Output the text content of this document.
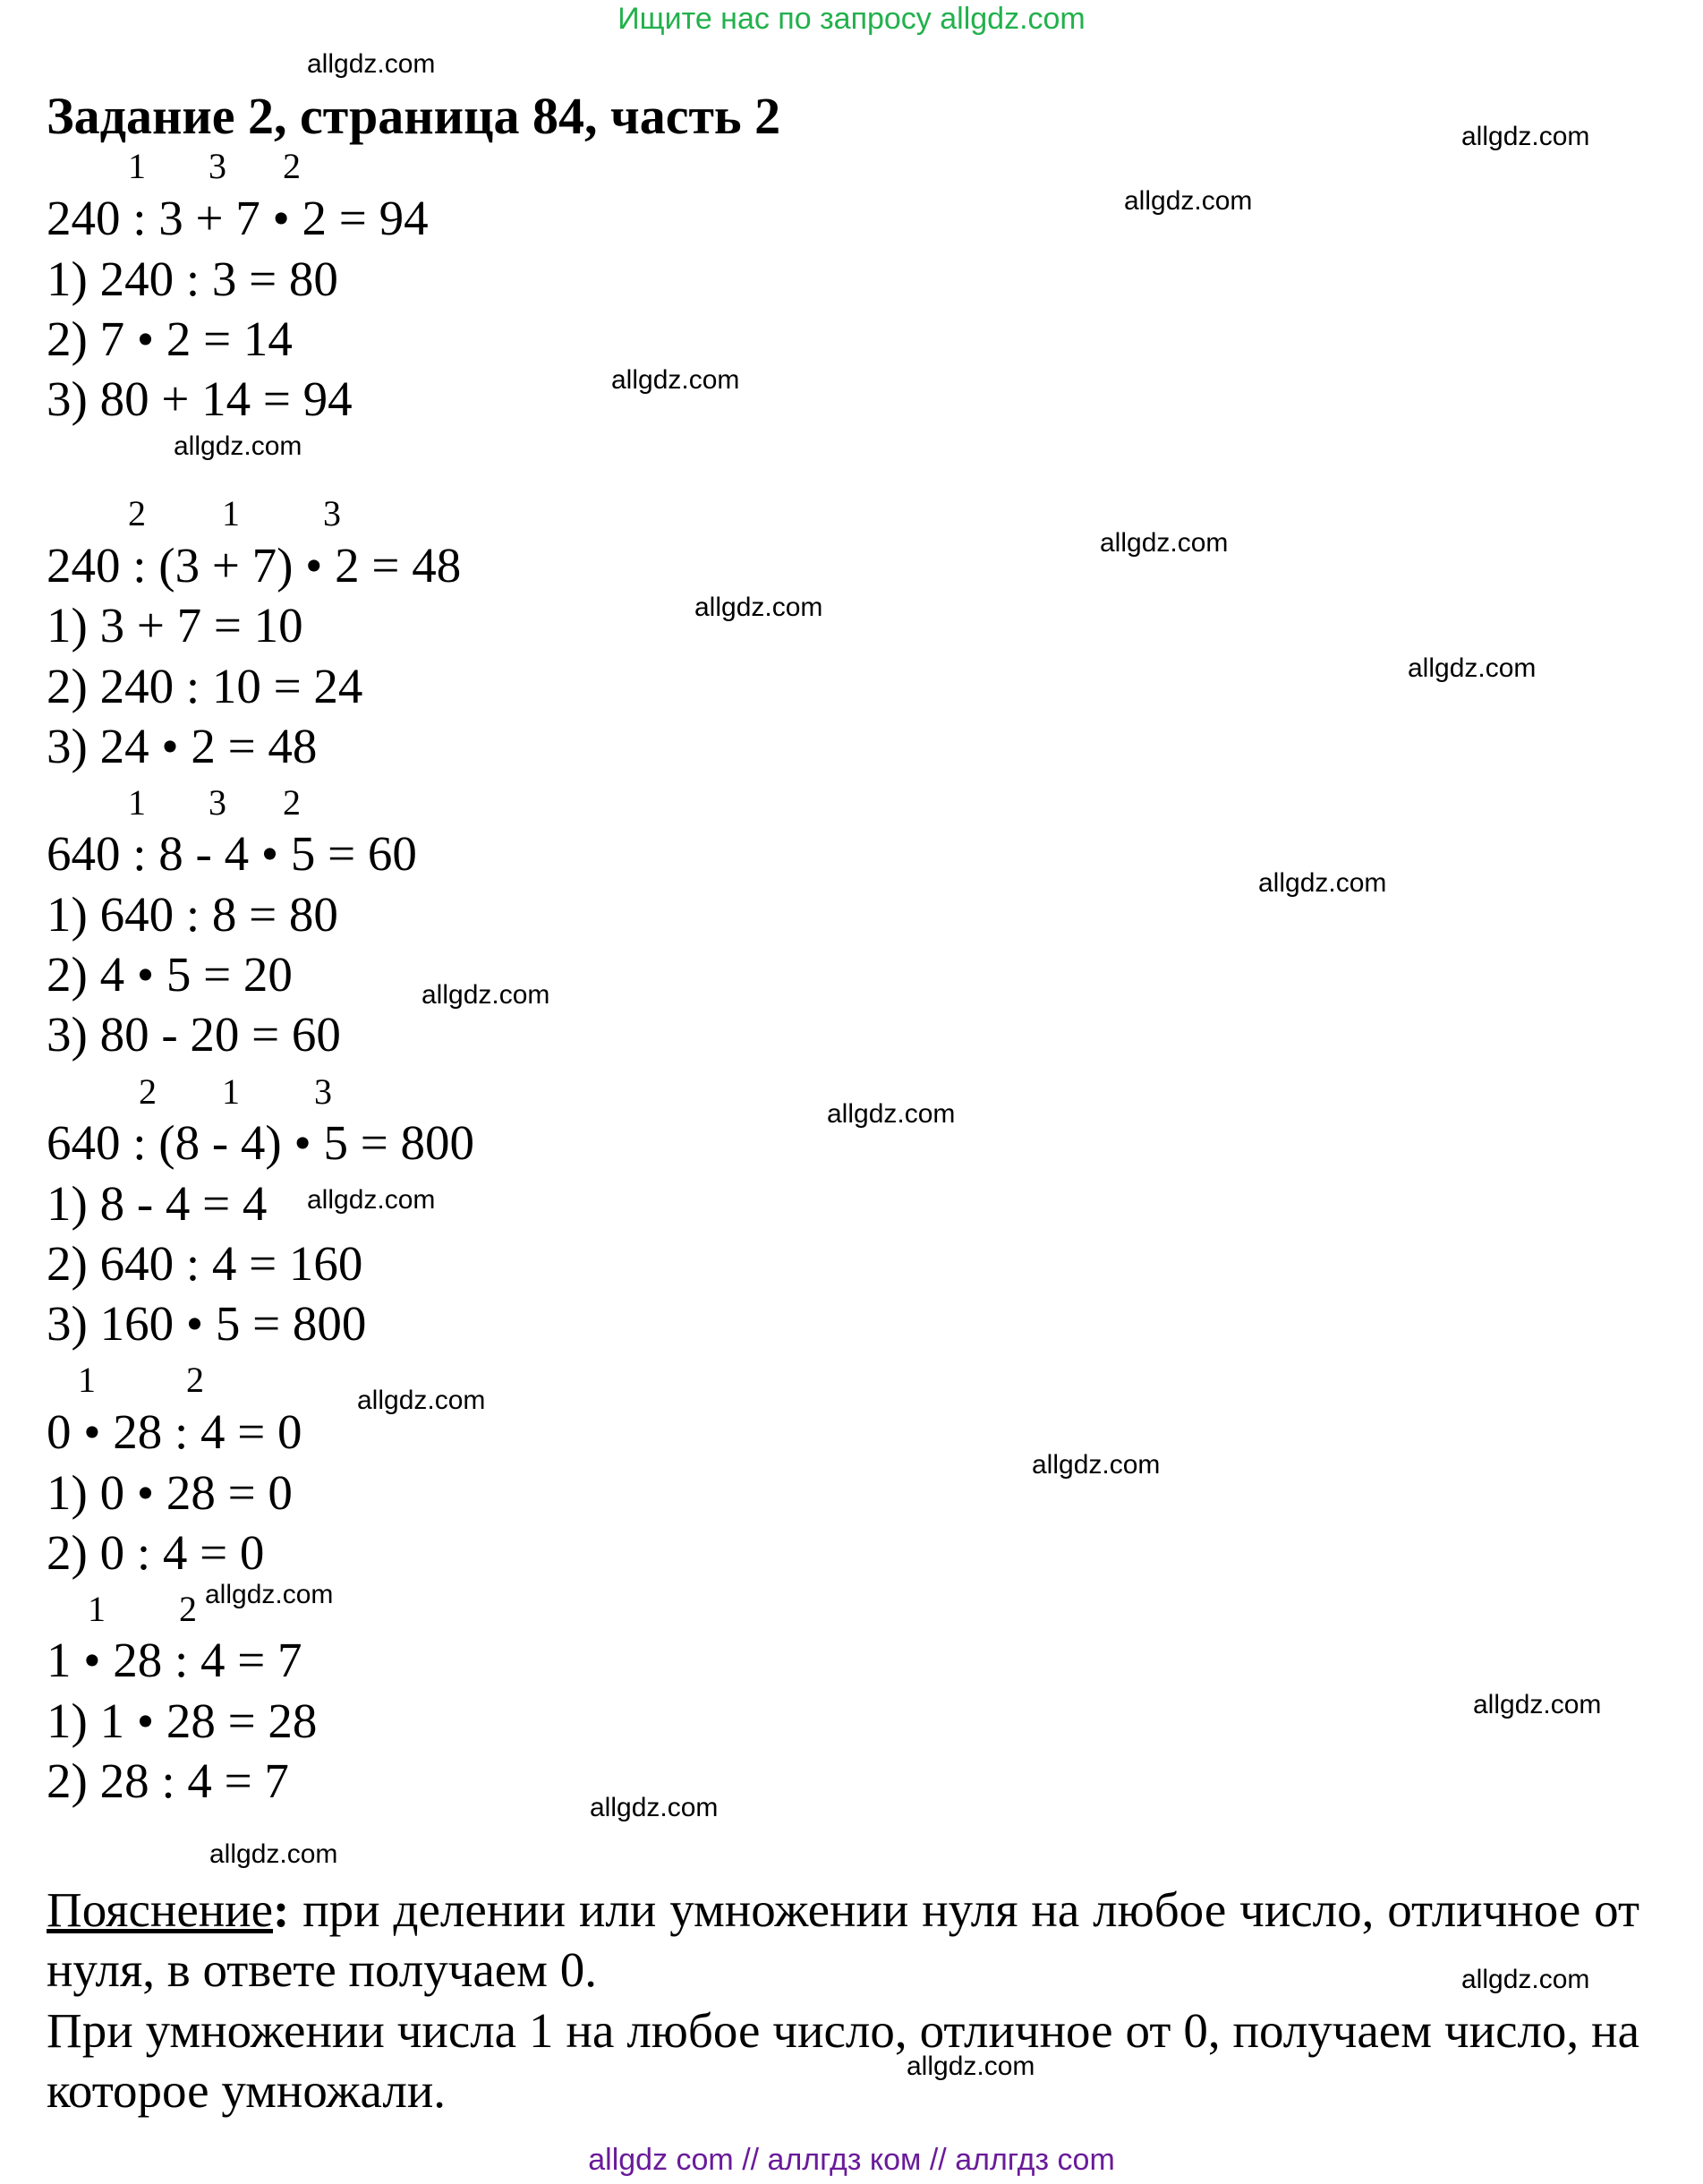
Ищите нас по запросу allgdz.com
Задание 2, страница 84, часть 2
1 3 2
240 : 3 + 7 • 2 = 94
1) 240 : 3 = 80
2) 7 • 2 = 14
3) 80 + 14 = 94
2 1 3
240 : (3 + 7) • 2 = 48
1) 3 + 7 = 10
2) 240 : 10 = 24
3) 24 • 2 = 48
1 3 2
640 : 8 - 4 • 5 = 60
1) 640 : 8 = 80
2) 4 • 5 = 20
3) 80 - 20 = 60
2 1 3
640 : (8 - 4) • 5 = 800
1) 8 - 4 = 4
2) 640 : 4 = 160
3) 160 • 5 = 800
1	2
0 • 28 : 4 = 0
1) 0 • 28 = 0
2) 0 : 4 = 0
1 2
1 • 28 : 4 = 7
1) 1 • 28 = 28
2) 28 : 4 = 7
Пояснение: при делении или умножении нуля на любое число, отличное от нуля, в ответе получаем 0.
При умножении числа 1 на любое число, отличное от 0, получаем число, на которое умножали.
allgdz.com
allgdz.com
allgdz.com
allgdz.com
allgdz.com
allgdz.com
allgdz.com
allgdz.com
allgdz.com
allgdz.com
allgdz.com
allgdz.com
allgdz.com
allgdz.com
allgdz.com
allgdz.com
allgdz.com
allgdz.com
allgdz.com
allgdz.com
allgdz com // аллгдз ком // аллгдз com
